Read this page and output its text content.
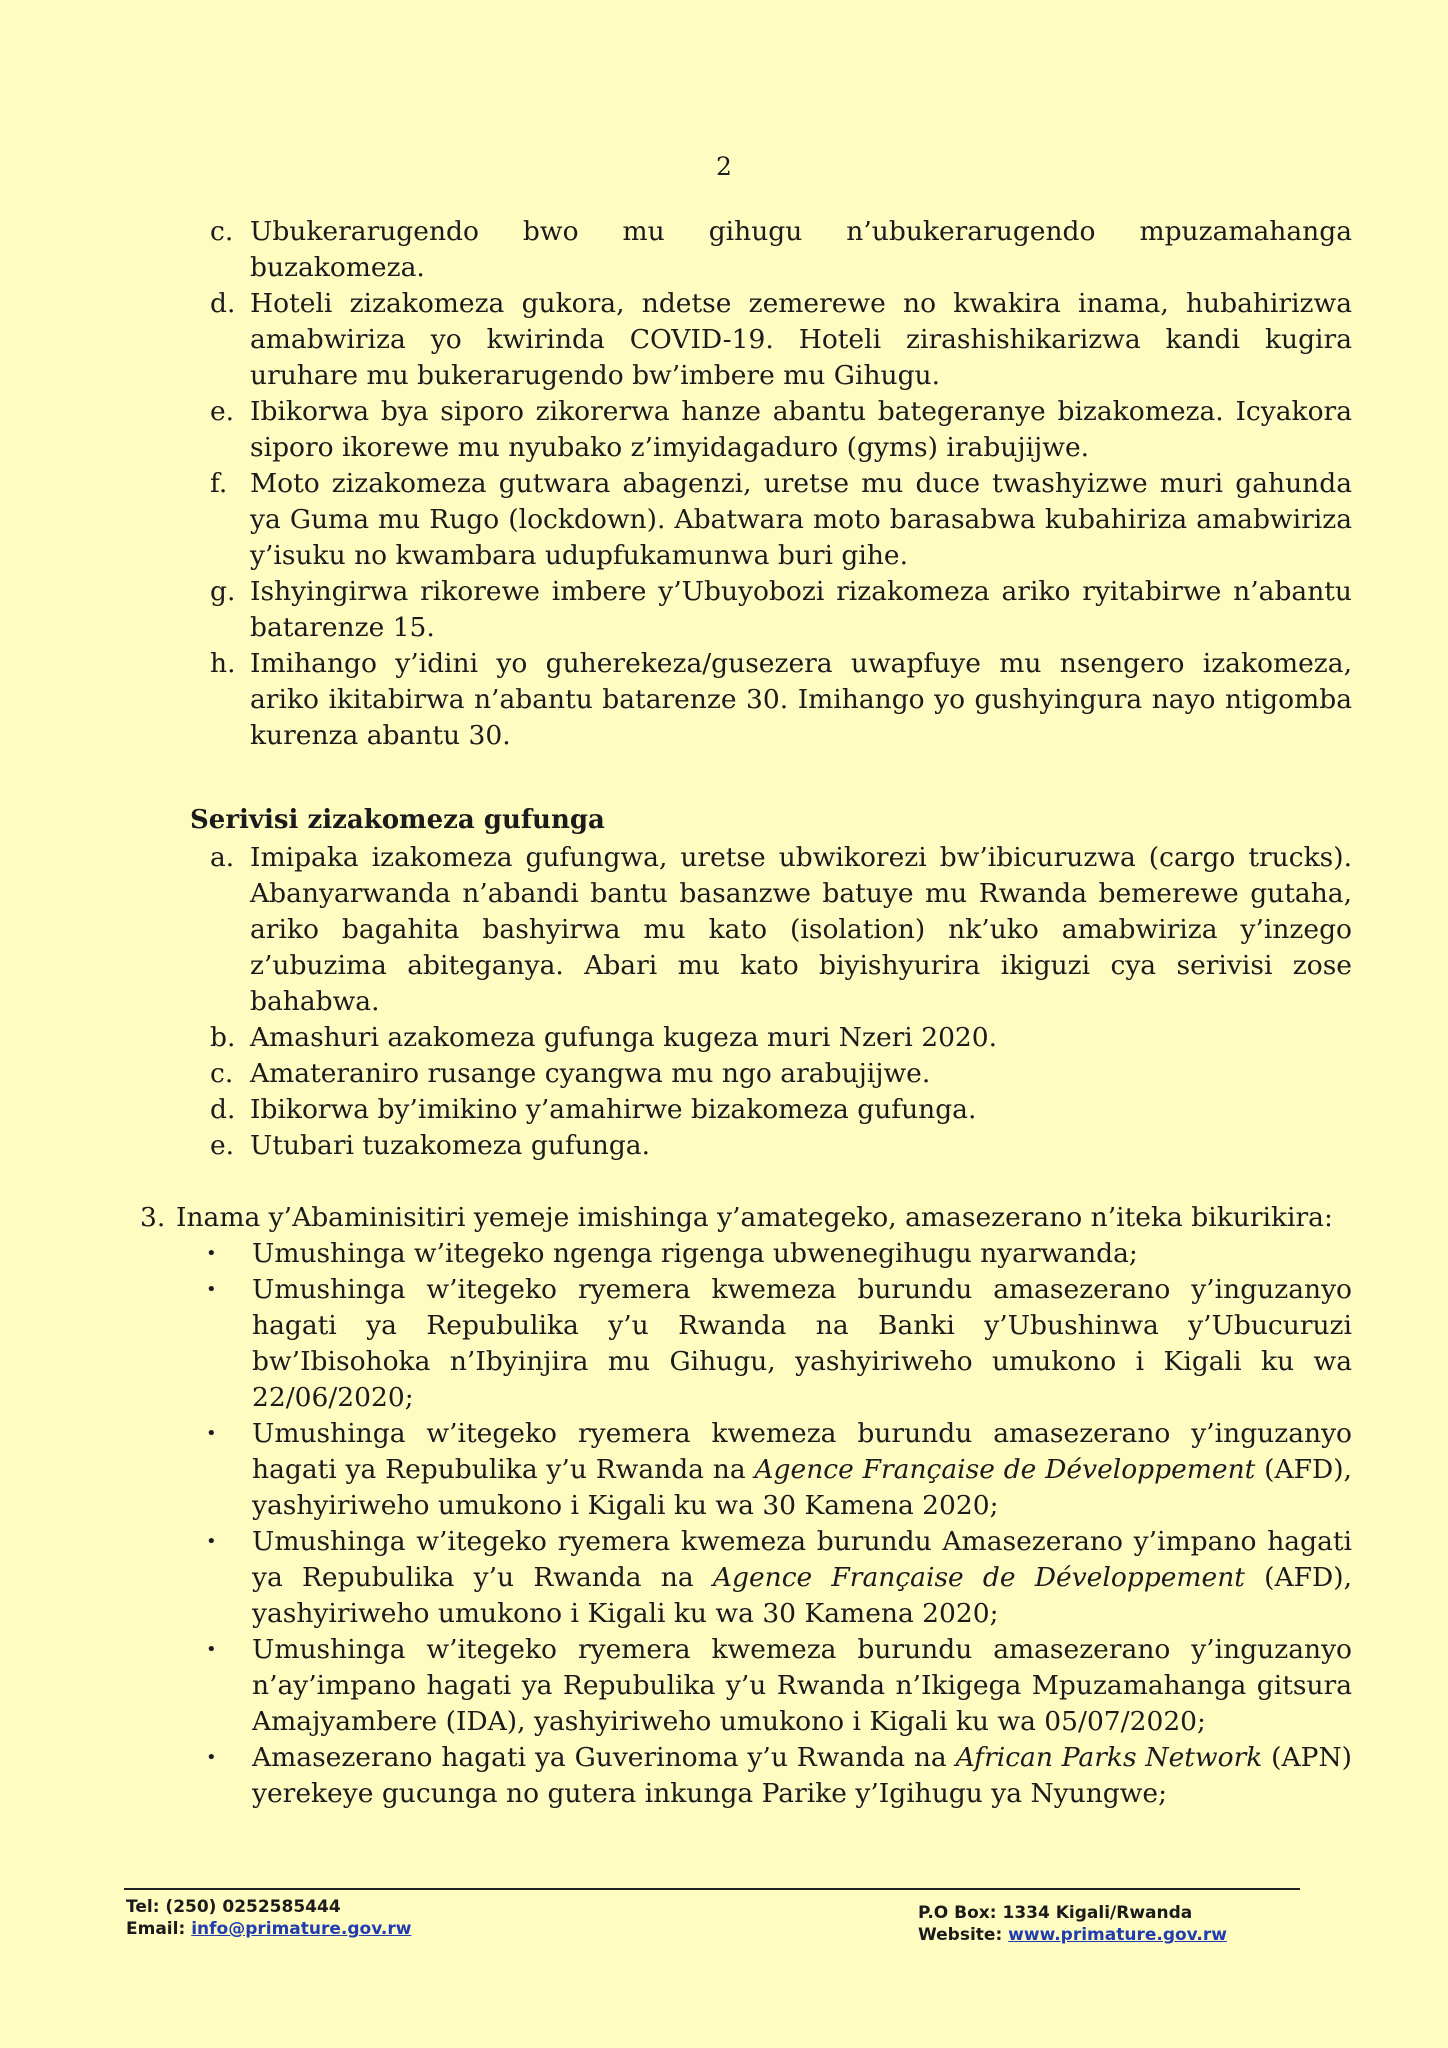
2
c. Ubukerarugendo bwo mu gihugu n’ubukerarugendo mpuzamahanga buzakomeza.
d. Hoteli zizakomeza gukora, ndetse zemerewe no kwakira inama, hubahirizwa amabwiriza yo kwirinda COVID-19. Hoteli zirashishikarizwa kandi kugira uruhare mu bukerarugendo bw’imbere mu Gihugu.
e. Ibikorwa bya siporo zikorerwa hanze abantu bategeranye bizakomeza. Icyakora siporo ikorewe mu nyubako z’imyidagaduro (gyms) irabujijwe.
f. Moto zizakomeza gutwara abagenzi, uretse mu duce twashyizwe muri gahunda ya Guma mu Rugo (lockdown). Abatwara moto barasabwa kubahiriza amabwiriza y’isuku no kwambara udupfukamunwa buri gihe.
g. Ishyingirwa rikorewe imbere y’Ubuyobozi rizakomeza ariko ryitabirwe n’abantu batarenze 15.
h. Imihango y’idini yo guherekeza/gusezera uwapfuye mu nsengero izakomeza, ariko ikitabirwa n’abantu batarenze 30. Imihango yo gushyingura nayo ntigomba kurenza abantu 30.
Serivisi zizakomeza gufunga
a. Imipaka izakomeza gufungwa, uretse ubwikorezi bw’ibicuruzwa (cargo trucks). Abanyarwanda n’abandi bantu basanzwe batuye mu Rwanda bemerewe gutaha, ariko bagahita bashyirwa mu kato (isolation) nk’uko amabwiriza y’inzego z’ubuzima abiteganya. Abari mu kato biyishyurira ikiguzi cya serivisi zose bahabwa.
b. Amashuri azakomeza gufunga kugeza muri Nzeri 2020.
c. Amateraniro rusange cyangwa mu ngo arabujijwe.
d. Ibikorwa by’imikino y’amahirwe bizakomeza gufunga.
e. Utubari tuzakomeza gufunga.
3. Inama y’Abaminisitiri yemeje imishinga y’amategeko, amasezerano n’iteka bikurikira:
•	Umushinga w’itegeko ngenga rigenga ubwenegihugu nyarwanda;
•	Umushinga w’itegeko ryemera kwemeza burundu amasezerano y’inguzanyo hagati ya Repubulika y’u Rwanda na Banki y’Ubushinwa y’Ubucuruzi bw’Ibisohoka n’Ibyinjira mu Gihugu, yashyiriweho umukono i Kigali ku wa 22/06/2020;
•	Umushinga w’itegeko ryemera kwemeza burundu amasezerano y’inguzanyo hagati ya Repubulika y’u Rwanda na Agence Française de Développement (AFD), yashyiriweho umukono i Kigali ku wa 30 Kamena 2020;
•	Umushinga w’itegeko ryemera kwemeza burundu Amasezerano y’impano hagati ya Repubulika y’u Rwanda na Agence Française de Développement (AFD), yashyiriweho umukono i Kigali ku wa 30 Kamena 2020;
•	Umushinga w’itegeko ryemera kwemeza burundu amasezerano y’inguzanyo n’ay’impano hagati ya Repubulika y’u Rwanda n’Ikigega Mpuzamahanga gitsura Amajyambere (IDA), yashyiriweho umukono i Kigali ku wa 05/07/2020;
•	Amasezerano hagati ya Guverinoma y’u Rwanda na African Parks Network (APN) yerekeye gucunga no gutera inkunga Parike y’Igihugu ya Nyungwe;
Tel: (250) 0252585444
Email: info@primature.gov.rw
P.O Box: 1334 Kigali/Rwanda
Website: www.primature.gov.rw
